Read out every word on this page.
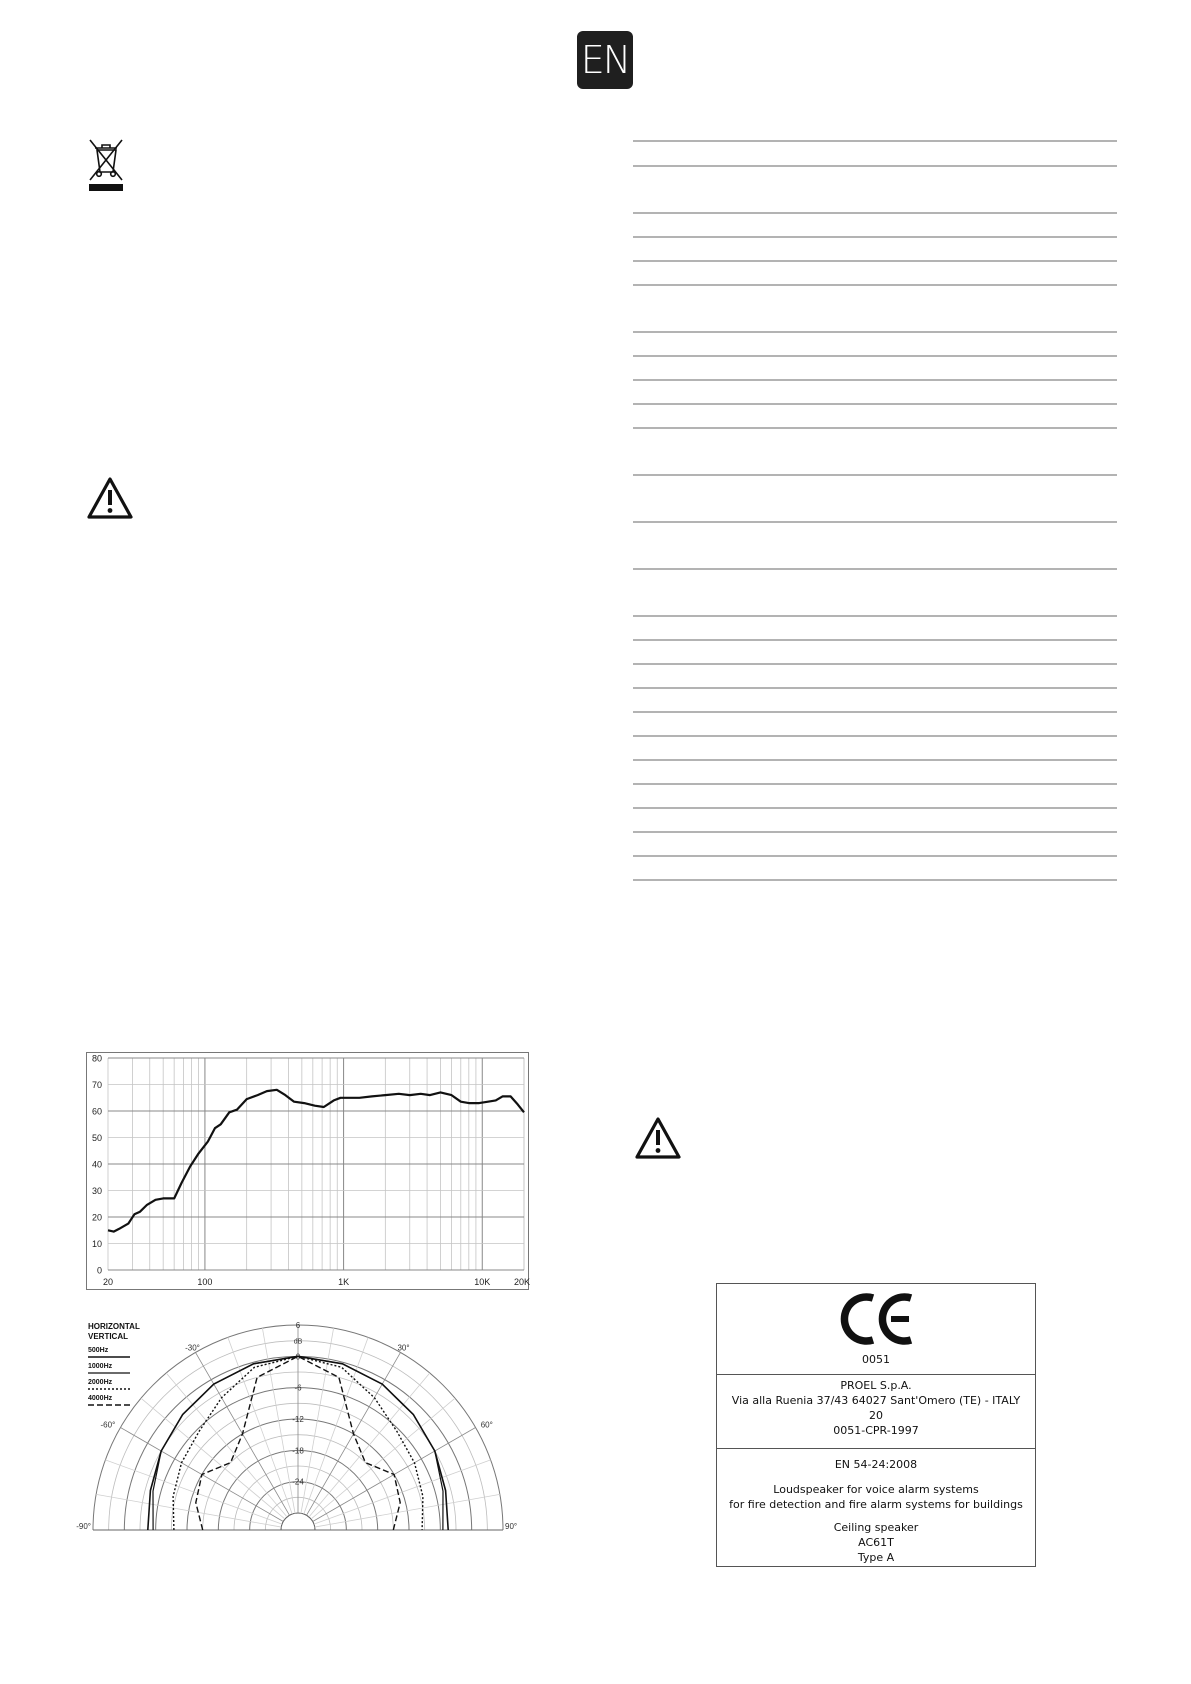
EN
0
10
20
30
40
50
60
70
80
20	100	1K	10K	20K
6
0
-6
-12
-18
-24
dB
-90°
-60°
-30°	30°
60°
90°
HORIZONTAL
VERTICAL
500Hz
1000Hz
2000Hz
4000Hz
0051
PROEL S.p.A.
Via alla Ruenia 37/43 64027 Sant'Omero (TE) - ITALY
20
0051-CPR-1997
EN 54-24:2008
Loudspeaker for voice alarm systems
for fire detection and fire alarm systems for buildings
Ceiling speaker
AC61T
Type A
